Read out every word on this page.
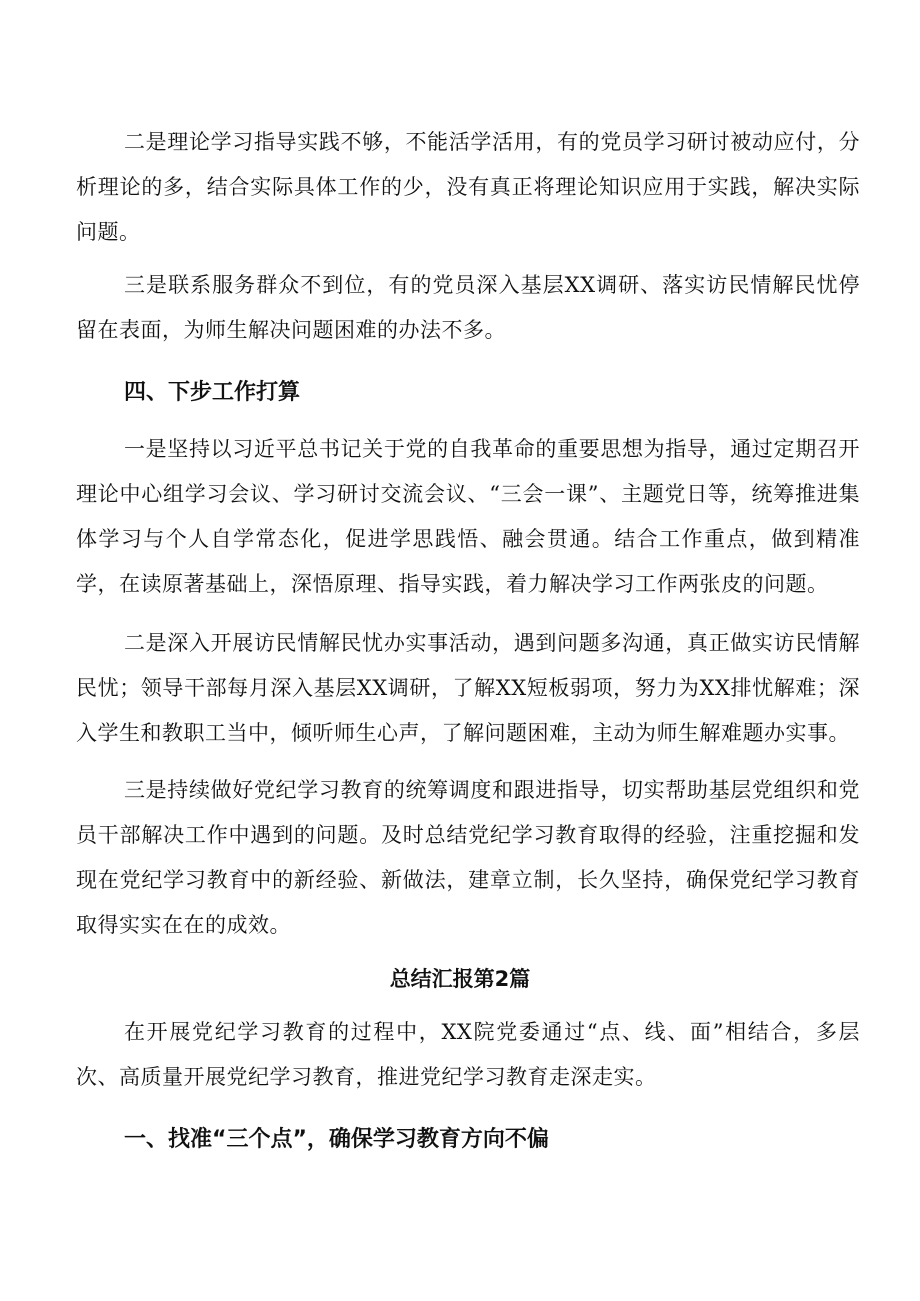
二是理论学习指导实践不够，不能活学活用，有的党员学习研讨被动应付，分析理论的多，结合实际具体工作的少，没有真正将理论知识应用于实践，解决实际问题。

三是联系服务群众不到位，有的党员深入基层XX调研、落实访民情解民忧停留在表面，为师生解决问题困难的办法不多。

四、下步工作打算

一是坚持以习近平总书记关于党的自我革命的重要思想为指导，通过定期召开理论中心组学习会议、学习研讨交流会议、“三会一课”、主题党日等，统筹推进集体学习与个人自学常态化，促进学思践悟、融会贯通。结合工作重点，做到精准学，在读原著基础上，深悟原理、指导实践，着力解决学习工作两张皮的问题。

二是深入开展访民情解民忧办实事活动，遇到问题多沟通，真正做实访民情解民忧；领导干部每月深入基层XX调研，了解XX短板弱项，努力为XX排忧解难；深入学生和教职工当中，倾听师生心声，了解问题困难，主动为师生解难题办实事。

三是持续做好党纪学习教育的统筹调度和跟进指导，切实帮助基层党组织和党员干部解决工作中遇到的问题。及时总结党纪学习教育取得的经验，注重挖掘和发现在党纪学习教育中的新经验、新做法，建章立制，长久坚持，确保党纪学习教育取得实实在在的成效。

总结汇报第2篇

在开展党纪学习教育的过程中，XX院党委通过“点、线、面”相结合，多层次、高质量开展党纪学习教育，推进党纪学习教育走深走实。

一、找准“三个点”，确保学习教育方向不偏
